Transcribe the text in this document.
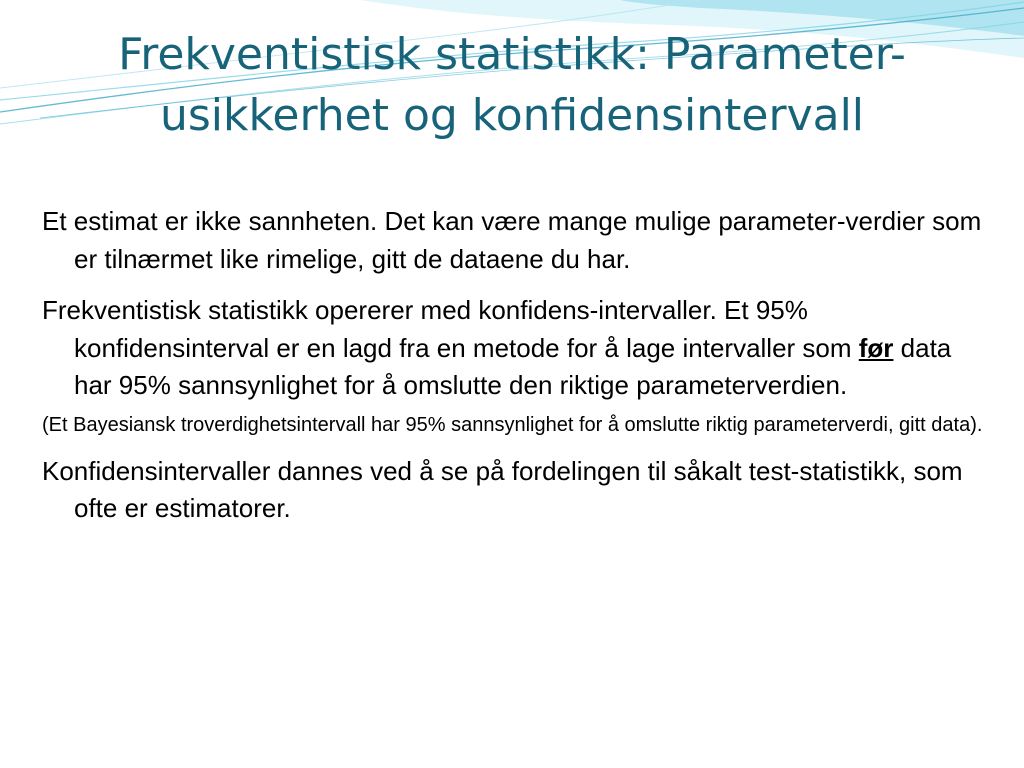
Frekventistisk statistikk: Parameter-
usikkerhet og konfidensintervall

Et estimat er ikke sannheten. Det kan være mange mulige parameter-verdier som er tilnærmet like rimelige, gitt de dataene du har.

Frekventistisk statistikk opererer med konfidens-intervaller. Et 95% konfidensinterval er en lagd fra en metode for å lage intervaller som før data har 95% sannsynlighet for å omslutte den riktige parameterverdien.

(Et Bayesiansk troverdighetsintervall har 95% sannsynlighet for å omslutte riktig parameterverdi, gitt data).

Konfidensintervaller dannes ved å se på fordelingen til såkalt test-statistikk, som ofte er estimatorer.
